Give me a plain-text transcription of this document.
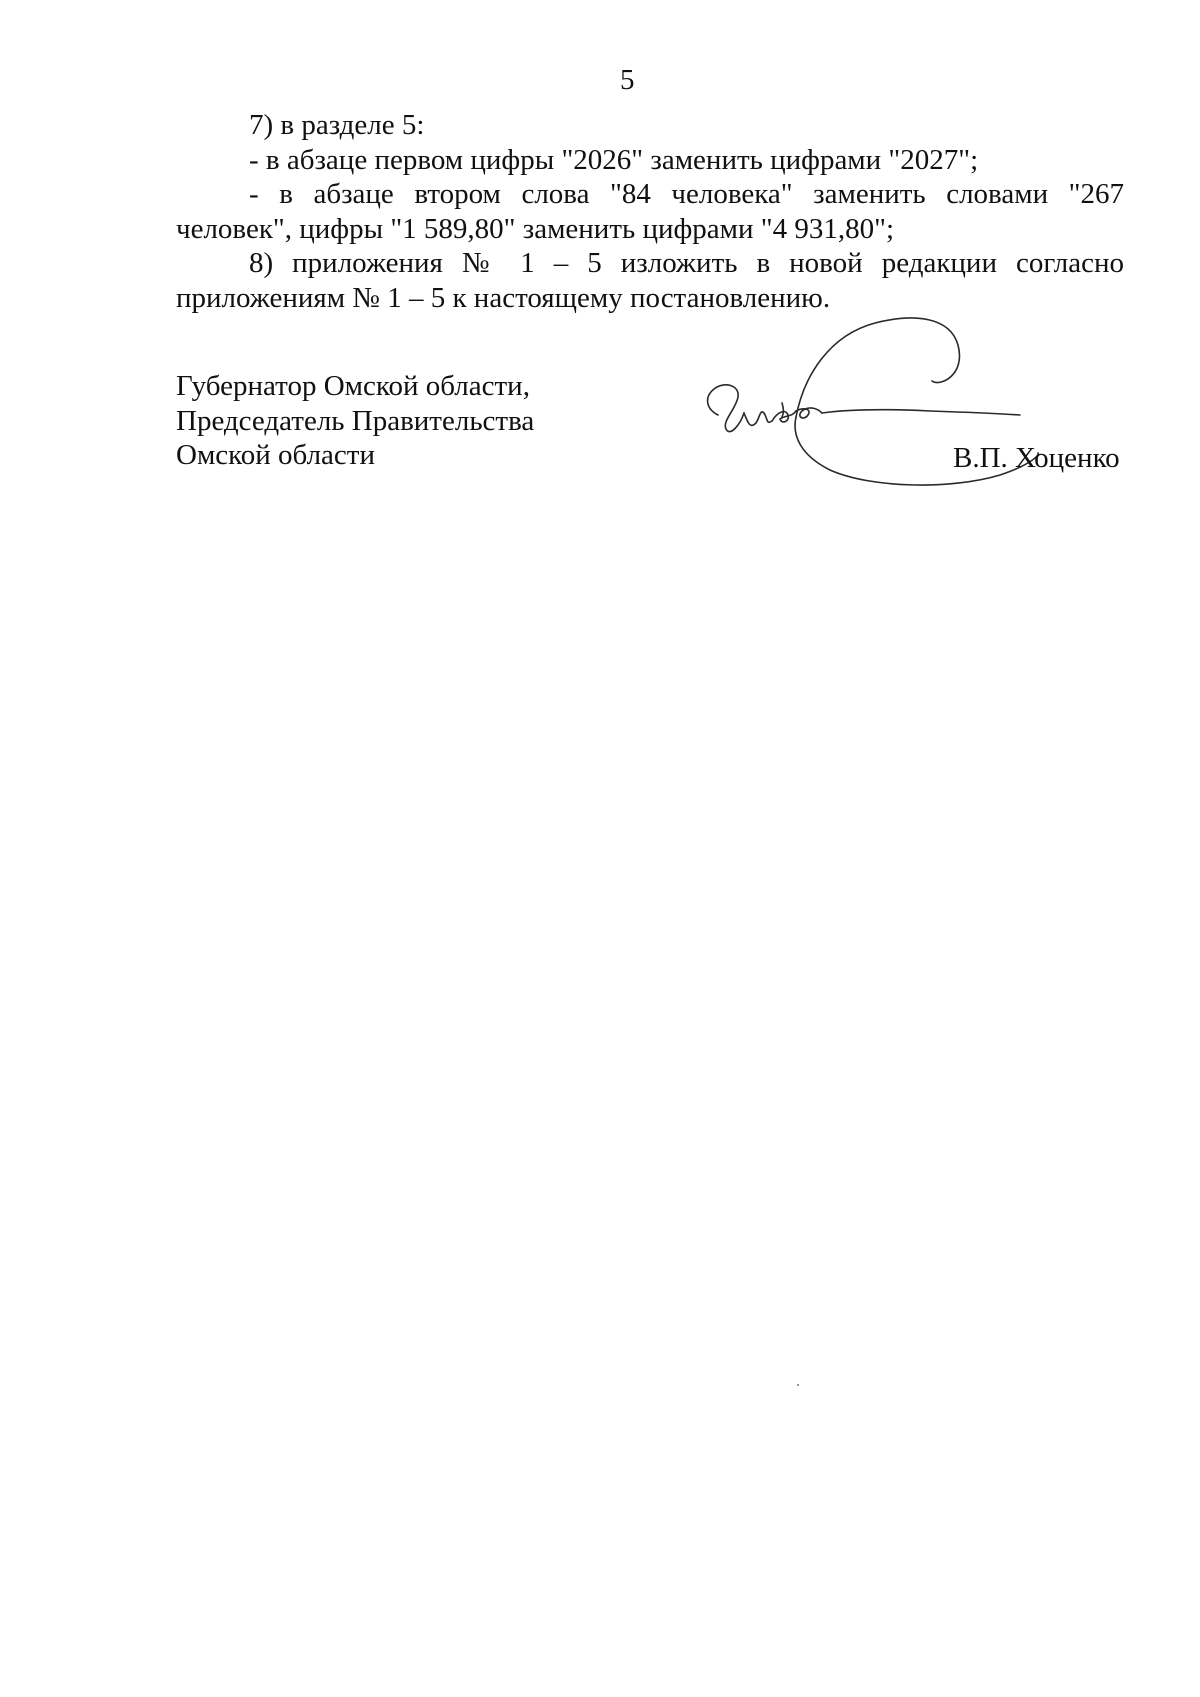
5

7) в разделе 5:

- в абзаце первом цифры "2026" заменить цифрами "2027";

- в абзаце втором слова "84 человека" заменить словами "267 человек", цифры "1 589,80" заменить цифрами "4 931,80";

8) приложения № 1 – 5 изложить в новой редакции согласно приложениям № 1 – 5 к настоящему постановлению.

Губернатор Омской области,
Председатель Правительства
Омской области	В.П. Хоценко
